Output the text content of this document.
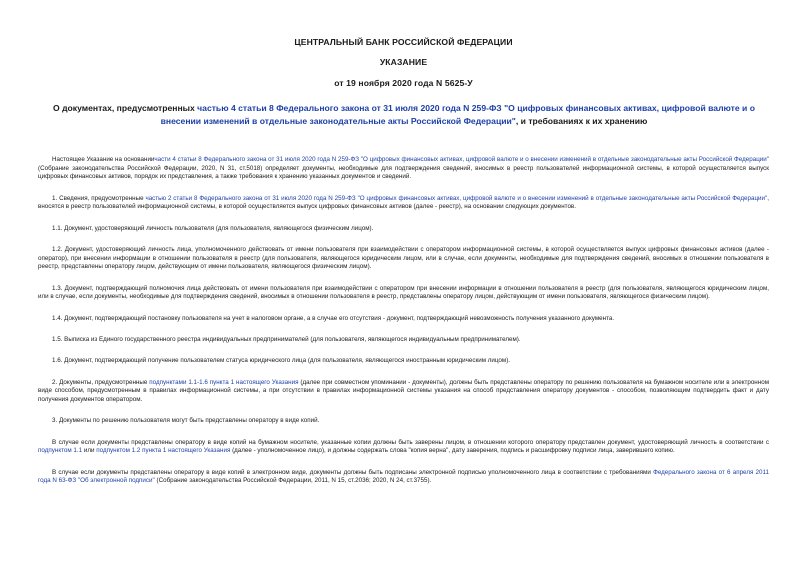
ЦЕНТРАЛЬНЫЙ БАНК РОССИЙСКОЙ ФЕДЕРАЦИИ
УКАЗАНИЕ
от 19 ноября 2020 года N 5625-У
О документах, предусмотренных частью 4 статьи 8 Федерального закона от 31 июля 2020 года N 259-ФЗ "О цифровых финансовых активах, цифровой валюте и о внесении изменений в отдельные законодательные акты Российской Федерации", и требованиях к их хранению

Настоящее Указание на основаниичасти 4 статьи 8 Федерального закона от 31 июля 2020 года N 259-ФЗ "О цифровых финансовых активах, цифровой валюте и о внесении изменений в отдельные законодательные акты Российской Федерации" (Собрание законодательства Российской Федерации, 2020, N 31, ст.5018) определяет документы, необходимые для подтверждения сведений, вносимых в реестр пользователей информационной системы, в которой осуществляется выпуск цифровых финансовых активов, порядок их представления, а также требования к хранению указанных документов и сведений.

1. Сведения, предусмотренные частью 2 статьи 8 Федерального закона от 31 июля 2020 года N 259-ФЗ "О цифровых финансовых активах, цифровой валюте и о внесении изменений в отдельные законодательные акты Российской Федерации", вносятся в реестр пользователей информационной системы, в которой осуществляется выпуск цифровых финансовых активов (далее - реестр), на основании следующих документов.

1.1. Документ, удостоверяющий личность пользователя (для пользователя, являющегося физическим лицом).

1.2. Документ, удостоверяющий личность лица, уполномоченного действовать от имени пользователя при взаимодействии с оператором информационной системы, в которой осуществляется выпуск цифровых финансовых активов (далее - оператор), при внесении информации в отношении пользователя в реестр (для пользователя, являющегося юридическим лицом, или в случае, если документы, необходимые для подтверждения сведений, вносимых в отношении пользователя в реестр, представлены оператору лицом, действующим от имени пользователя, являющегося физическим лицом).

1.3. Документ, подтверждающий полномочия лица действовать от имени пользователя при взаимодействии с оператором при внесении информации в отношении пользователя в реестр (для пользователя, являющегося юридическим лицом, или в случае, если документы, необходимые для подтверждения сведений, вносимых в отношении пользователя в реестр, представлены оператору лицом, действующим от имени пользователя, являющегося физическим лицом).

1.4. Документ, подтверждающий постановку пользователя на учет в налоговом органе, а в случае его отсутствия - документ, подтверждающий невозможность получения указанного документа.

1.5. Выписка из Единого государственного реестра индивидуальных предпринимателей (для пользователя, являющегося индивидуальным предпринимателем).

1.6. Документ, подтверждающий получение пользователем статуса юридического лица (для пользователя, являющегося иностранным юридическим лицом).

2. Документы, предусмотренные подпунктами 1.1-1.6 пункта 1 настоящего Указания (далее при совместном упоминании - документы), должны быть представлены оператору по решению пользователя на бумажном носителе или в электронном виде способом, предусмотренным в правилах информационной системы, а при отсутствии в правилах информационной системы указания на способ представления оператору документов - способом, позволяющим подтвердить факт и дату получения документов оператором.

3. Документы по решению пользователя могут быть представлены оператору в виде копий.

В случае если документы представлены оператору в виде копий на бумажном носителе, указанные копии должны быть заверены лицом, в отношении которого оператору представлен документ, удостоверяющий личность в соответствии с подпунктом 1.1 или подпунктом 1.2 пункта 1 настоящего Указания (далее - уполномоченное лицо), и должны содержать слова "копия верна", дату заверения, подпись и расшифровку подписи лица, заверившего копию.

В случае если документы представлены оператору в виде копий в электронном виде, документы должны быть подписаны электронной подписью уполномоченного лица в соответствии с требованиями Федерального закона от 6 апреля 2011 года N 63-ФЗ "Об электронной подписи" (Собрание законодательства Российской Федерации, 2011, N 15, ст.2036; 2020, N 24, ст.3755).
